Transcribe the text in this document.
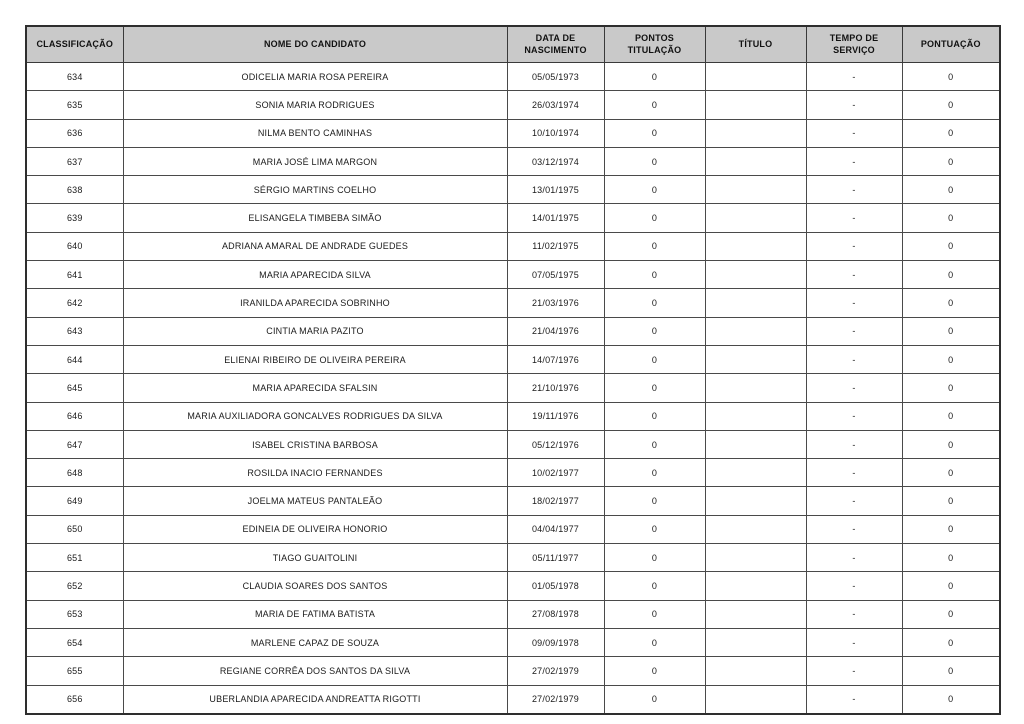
CLASSIFICAÇÃO	NOME DO CANDIDATO	DATA DE NASCIMENTO	PONTOS TITULAÇÃO	TÍTULO	TEMPO DE SERVIÇO	PONTUAÇÃO
634	ODICELIA MARIA ROSA PEREIRA	05/05/1973	0		-	0
635	SONIA MARIA RODRIGUES	26/03/1974	0		-	0
636	NILMA BENTO CAMINHAS	10/10/1974	0		-	0
637	MARIA JOSÉ LIMA MARGON	03/12/1974	0		-	0
638	SÉRGIO MARTINS COELHO	13/01/1975	0		-	0
639	ELISANGELA TIMBEBA SIMÃO	14/01/1975	0		-	0
640	ADRIANA AMARAL DE ANDRADE GUEDES	11/02/1975	0		-	0
641	MARIA APARECIDA SILVA	07/05/1975	0		-	0
642	IRANILDA APARECIDA SOBRINHO	21/03/1976	0		-	0
643	CINTIA MARIA PAZITO	21/04/1976	0		-	0
644	ELIENAI RIBEIRO DE OLIVEIRA PEREIRA	14/07/1976	0		-	0
645	MARIA APARECIDA SFALSIN	21/10/1976	0		-	0
646	MARIA AUXILIADORA GONCALVES RODRIGUES DA SILVA	19/11/1976	0		-	0
647	ISABEL CRISTINA BARBOSA	05/12/1976	0		-	0
648	ROSILDA INACIO FERNANDES	10/02/1977	0		-	0
649	JOELMA MATEUS PANTALEÃO	18/02/1977	0		-	0
650	EDINEIA DE OLIVEIRA HONORIO	04/04/1977	0		-	0
651	TIAGO GUAITOLINI	05/11/1977	0		-	0
652	CLAUDIA SOARES DOS SANTOS	01/05/1978	0		-	0
653	MARIA DE FATIMA BATISTA	27/08/1978	0		-	0
654	MARLENE CAPAZ DE SOUZA	09/09/1978	0		-	0
655	REGIANE CORRÊA DOS SANTOS DA SILVA	27/02/1979	0		-	0
656	UBERLANDIA APARECIDA ANDREATTA RIGOTTI	27/02/1979	0		-	0
